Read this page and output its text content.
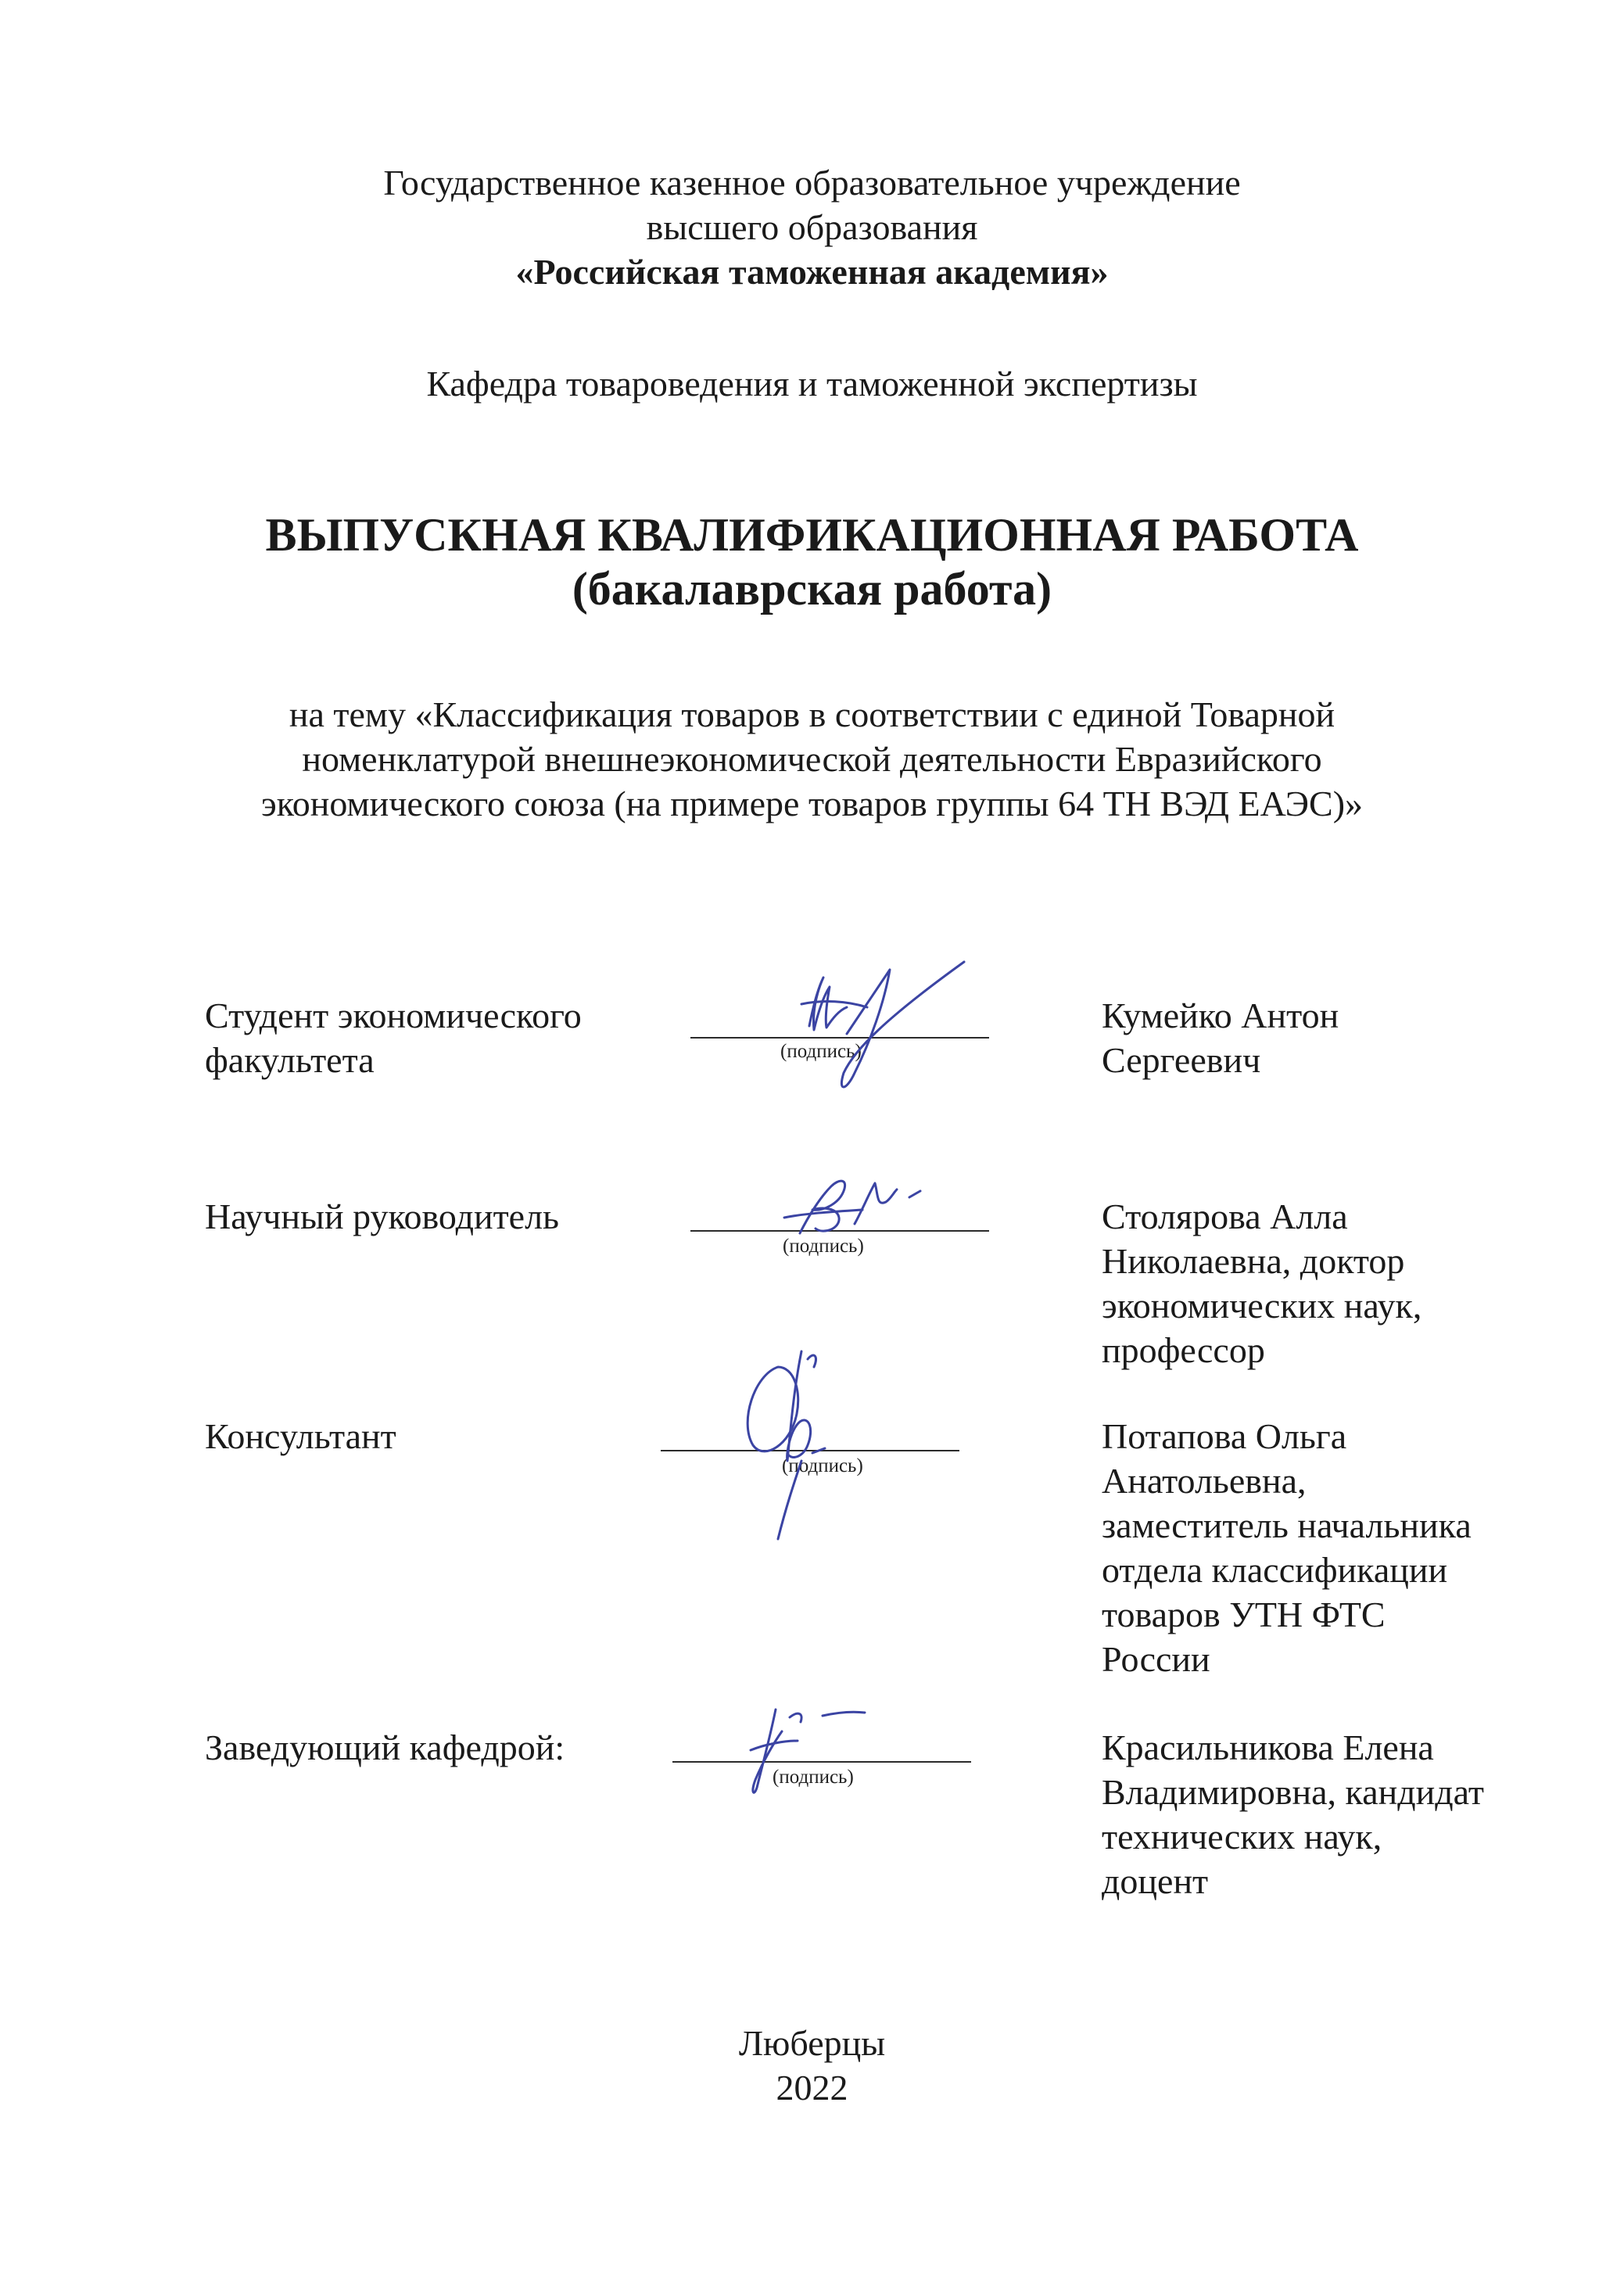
Государственное казенное образовательное учреждение
высшего образования
«Российская таможенная академия»
Кафедра товароведения и таможенной экспертизы
ВЫПУСКНАЯ КВАЛИФИКАЦИОННАЯ РАБОТА
(бакалаврская работа)
на тему «Классификация товаров в соответствии с единой Товарной
номенклатурой внешнеэкономической деятельности Евразийского
экономического союза (на примере товаров группы 64 ТН ВЭД ЕАЭС)»
Студент экономического
факультета	(подпись)
Кумейко Антон
Сергеевич
Научный руководитель
(подпись)
Столярова Алла
Николаевна, доктор
экономических наук,
профессор
Консультант
(подпись)
Потапова Ольга
Анатольевна,
заместитель начальника
отдела классификации
товаров УТН ФТС
России
Заведующий кафедрой:
(подпись)
Красильникова Елена
Владимировна, кандидат
технических наук,
доцент
Люберцы
2022
